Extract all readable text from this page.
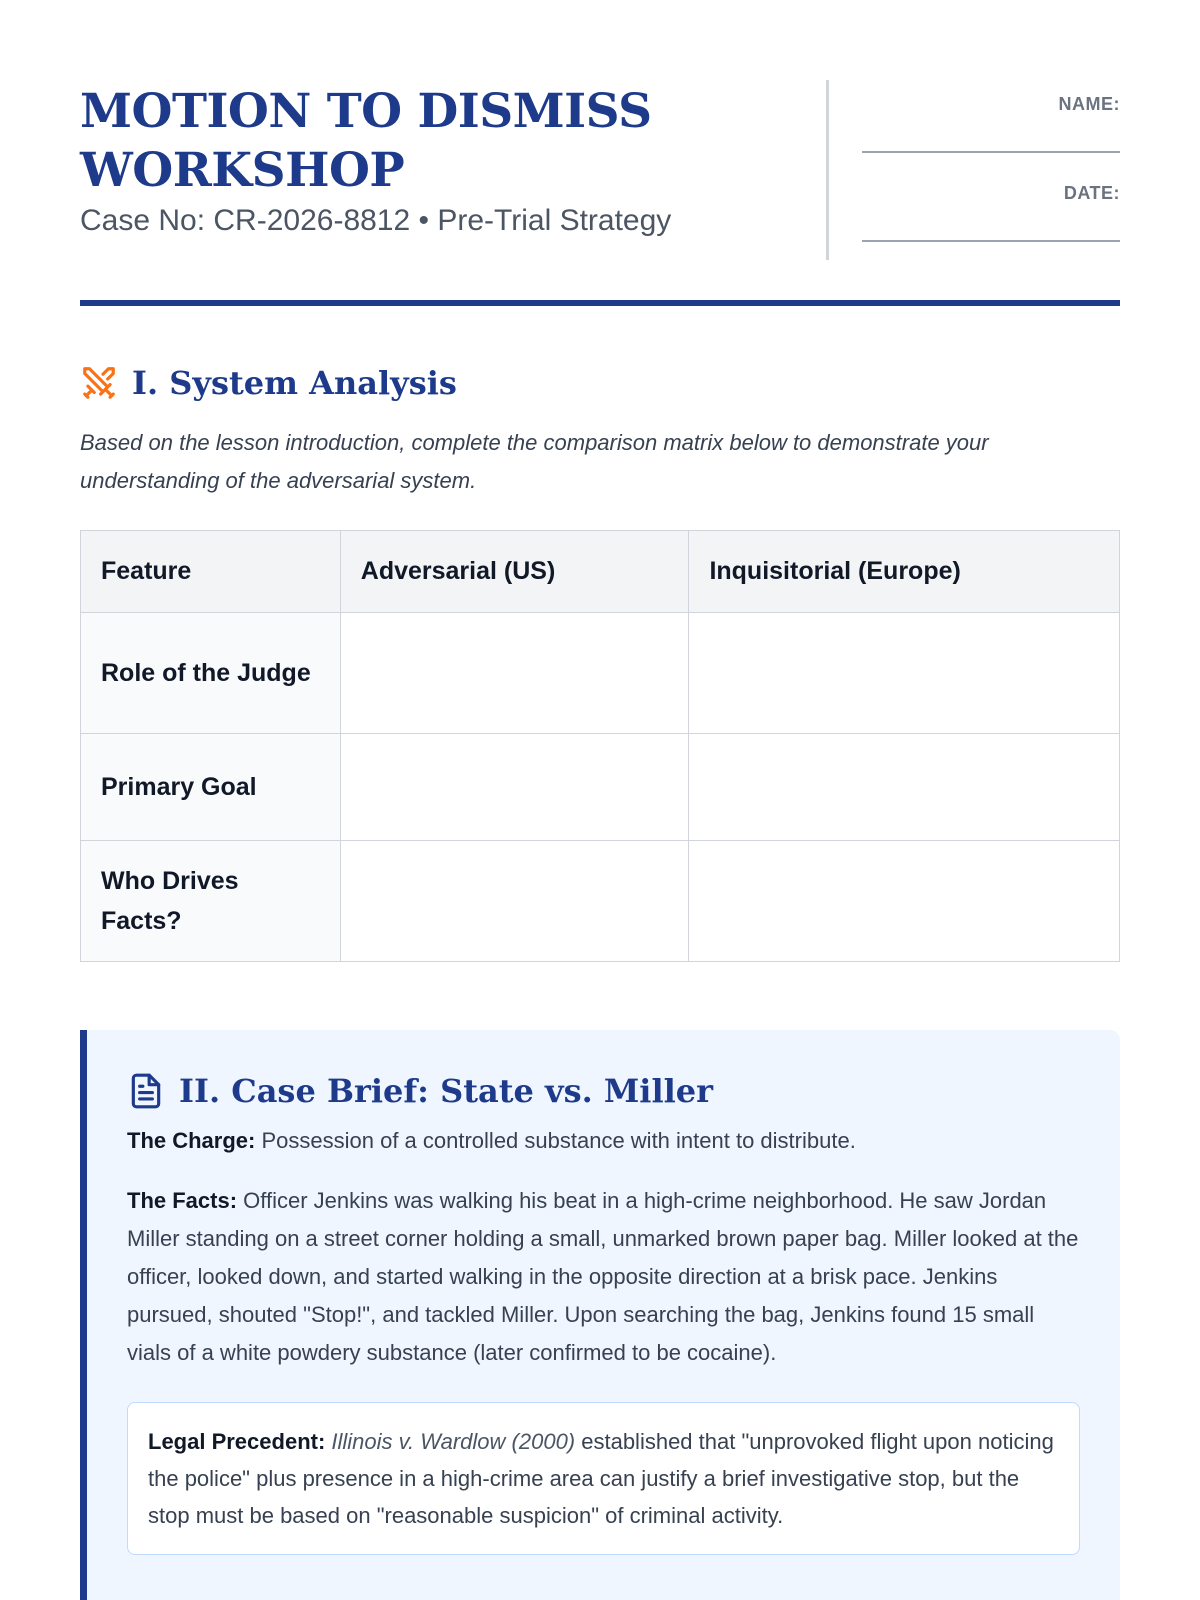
MOTION TO DISMISS
WORKSHOP
Case No: CR-2026-8812 • Pre-Trial Strategy
NAME:
DATE:
I. System Analysis

Based on the lesson introduction, complete the comparison matrix below to demonstrate your understanding of the adversarial system.

Feature	Adversarial (US)	Inquisitorial (Europe)
Role of the Judge		
Primary Goal		
Who Drives Facts?		
II. Case Brief: State vs. Miller

The Charge: Possession of a controlled substance with intent to distribute.

The Facts: Officer Jenkins was walking his beat in a high-crime neighborhood. He saw Jordan Miller standing on a street corner holding a small, unmarked brown paper bag. Miller looked at the officer, looked down, and started walking in the opposite direction at a brisk pace. Jenkins pursued, shouted "Stop!", and tackled Miller. Upon searching the bag, Jenkins found 15 small vials of a white powdery substance (later confirmed to be cocaine).

Legal Precedent: Illinois v. Wardlow (2000) established that "unprovoked flight upon noticing the police" plus presence in a high-crime area can justify a brief investigative stop, but the stop must be based on "reasonable suspicion" of criminal activity.
